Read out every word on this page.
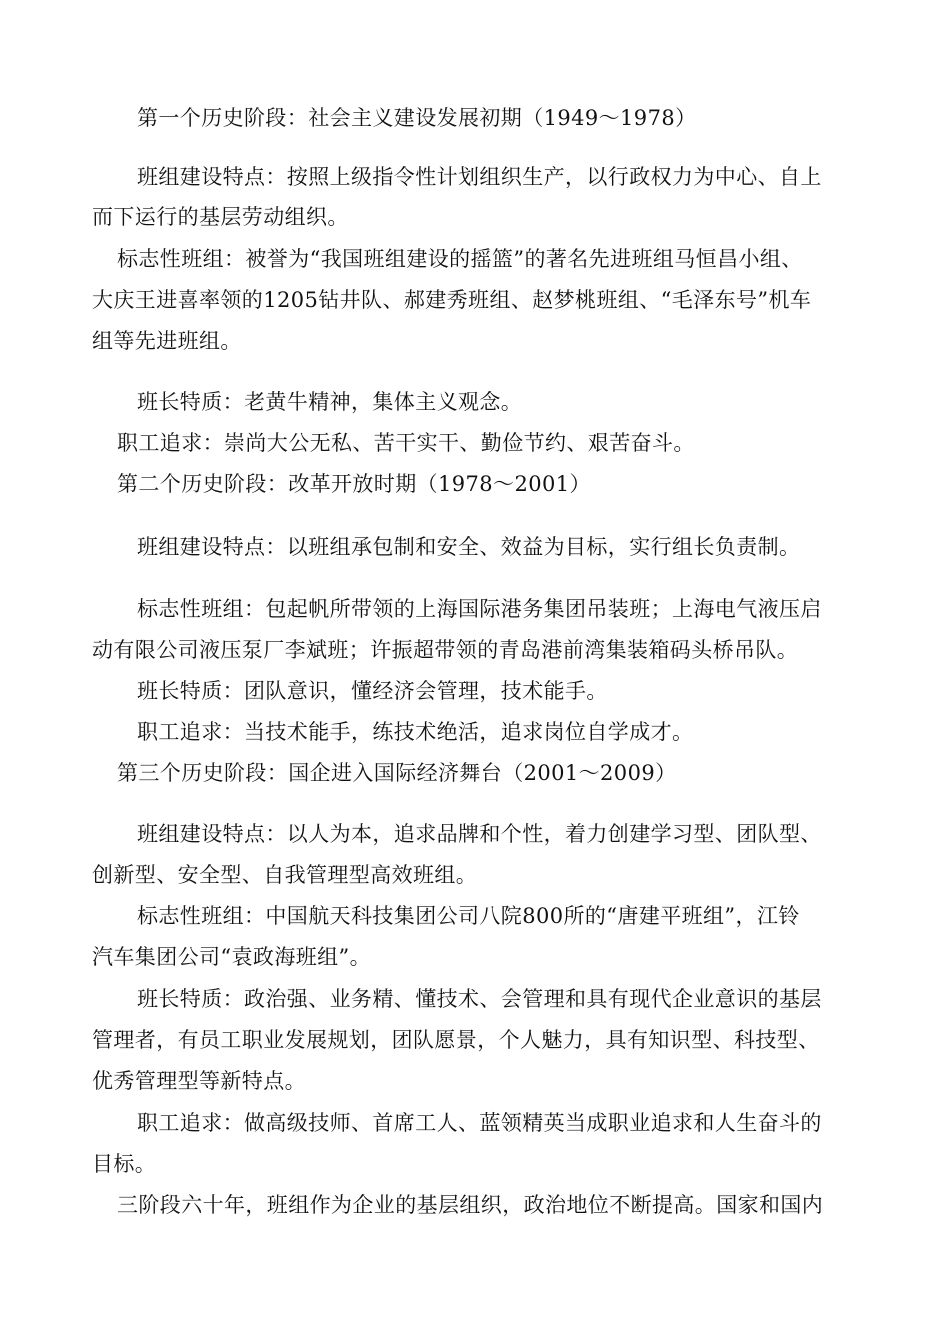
第一个历史阶段：社会主义建设发展初期（1949～1978）
班组建设特点：按照上级指令性计划组织生产，以行政权力为中心、自上
而下运行的基层劳动组织。
标志性班组：被誉为“我国班组建设的摇篮”的著名先进班组马恒昌小组、
大庆王进喜率领的1205钻井队、郝建秀班组、赵梦桃班组、“毛泽东号”机车
组等先进班组。
班长特质：老黄牛精神，集体主义观念。
职工追求：崇尚大公无私、苦干实干、勤俭节约、艰苦奋斗。
第二个历史阶段：改革开放时期（1978～2001）
班组建设特点：以班组承包制和安全、效益为目标，实行组长负责制。
标志性班组：包起帆所带领的上海国际港务集团吊装班；上海电气液压启
动有限公司液压泵厂李斌班；许振超带领的青岛港前湾集装箱码头桥吊队。
班长特质：团队意识，懂经济会管理，技术能手。
职工追求：当技术能手，练技术绝活，追求岗位自学成才。
第三个历史阶段：国企进入国际经济舞台（2001～2009）
班组建设特点：以人为本，追求品牌和个性，着力创建学习型、团队型、
创新型、安全型、自我管理型高效班组。
标志性班组：中国航天科技集团公司八院800所的“唐建平班组”，江铃
汽车集团公司“袁政海班组”。
班长特质：政治强、业务精、懂技术、会管理和具有现代企业意识的基层
管理者，有员工职业发展规划，团队愿景，个人魅力，具有知识型、科技型、
优秀管理型等新特点。
职工追求：做高级技师、首席工人、蓝领精英当成职业追求和人生奋斗的
目标。
三阶段六十年，班组作为企业的基层组织，政治地位不断提高。国家和国内
